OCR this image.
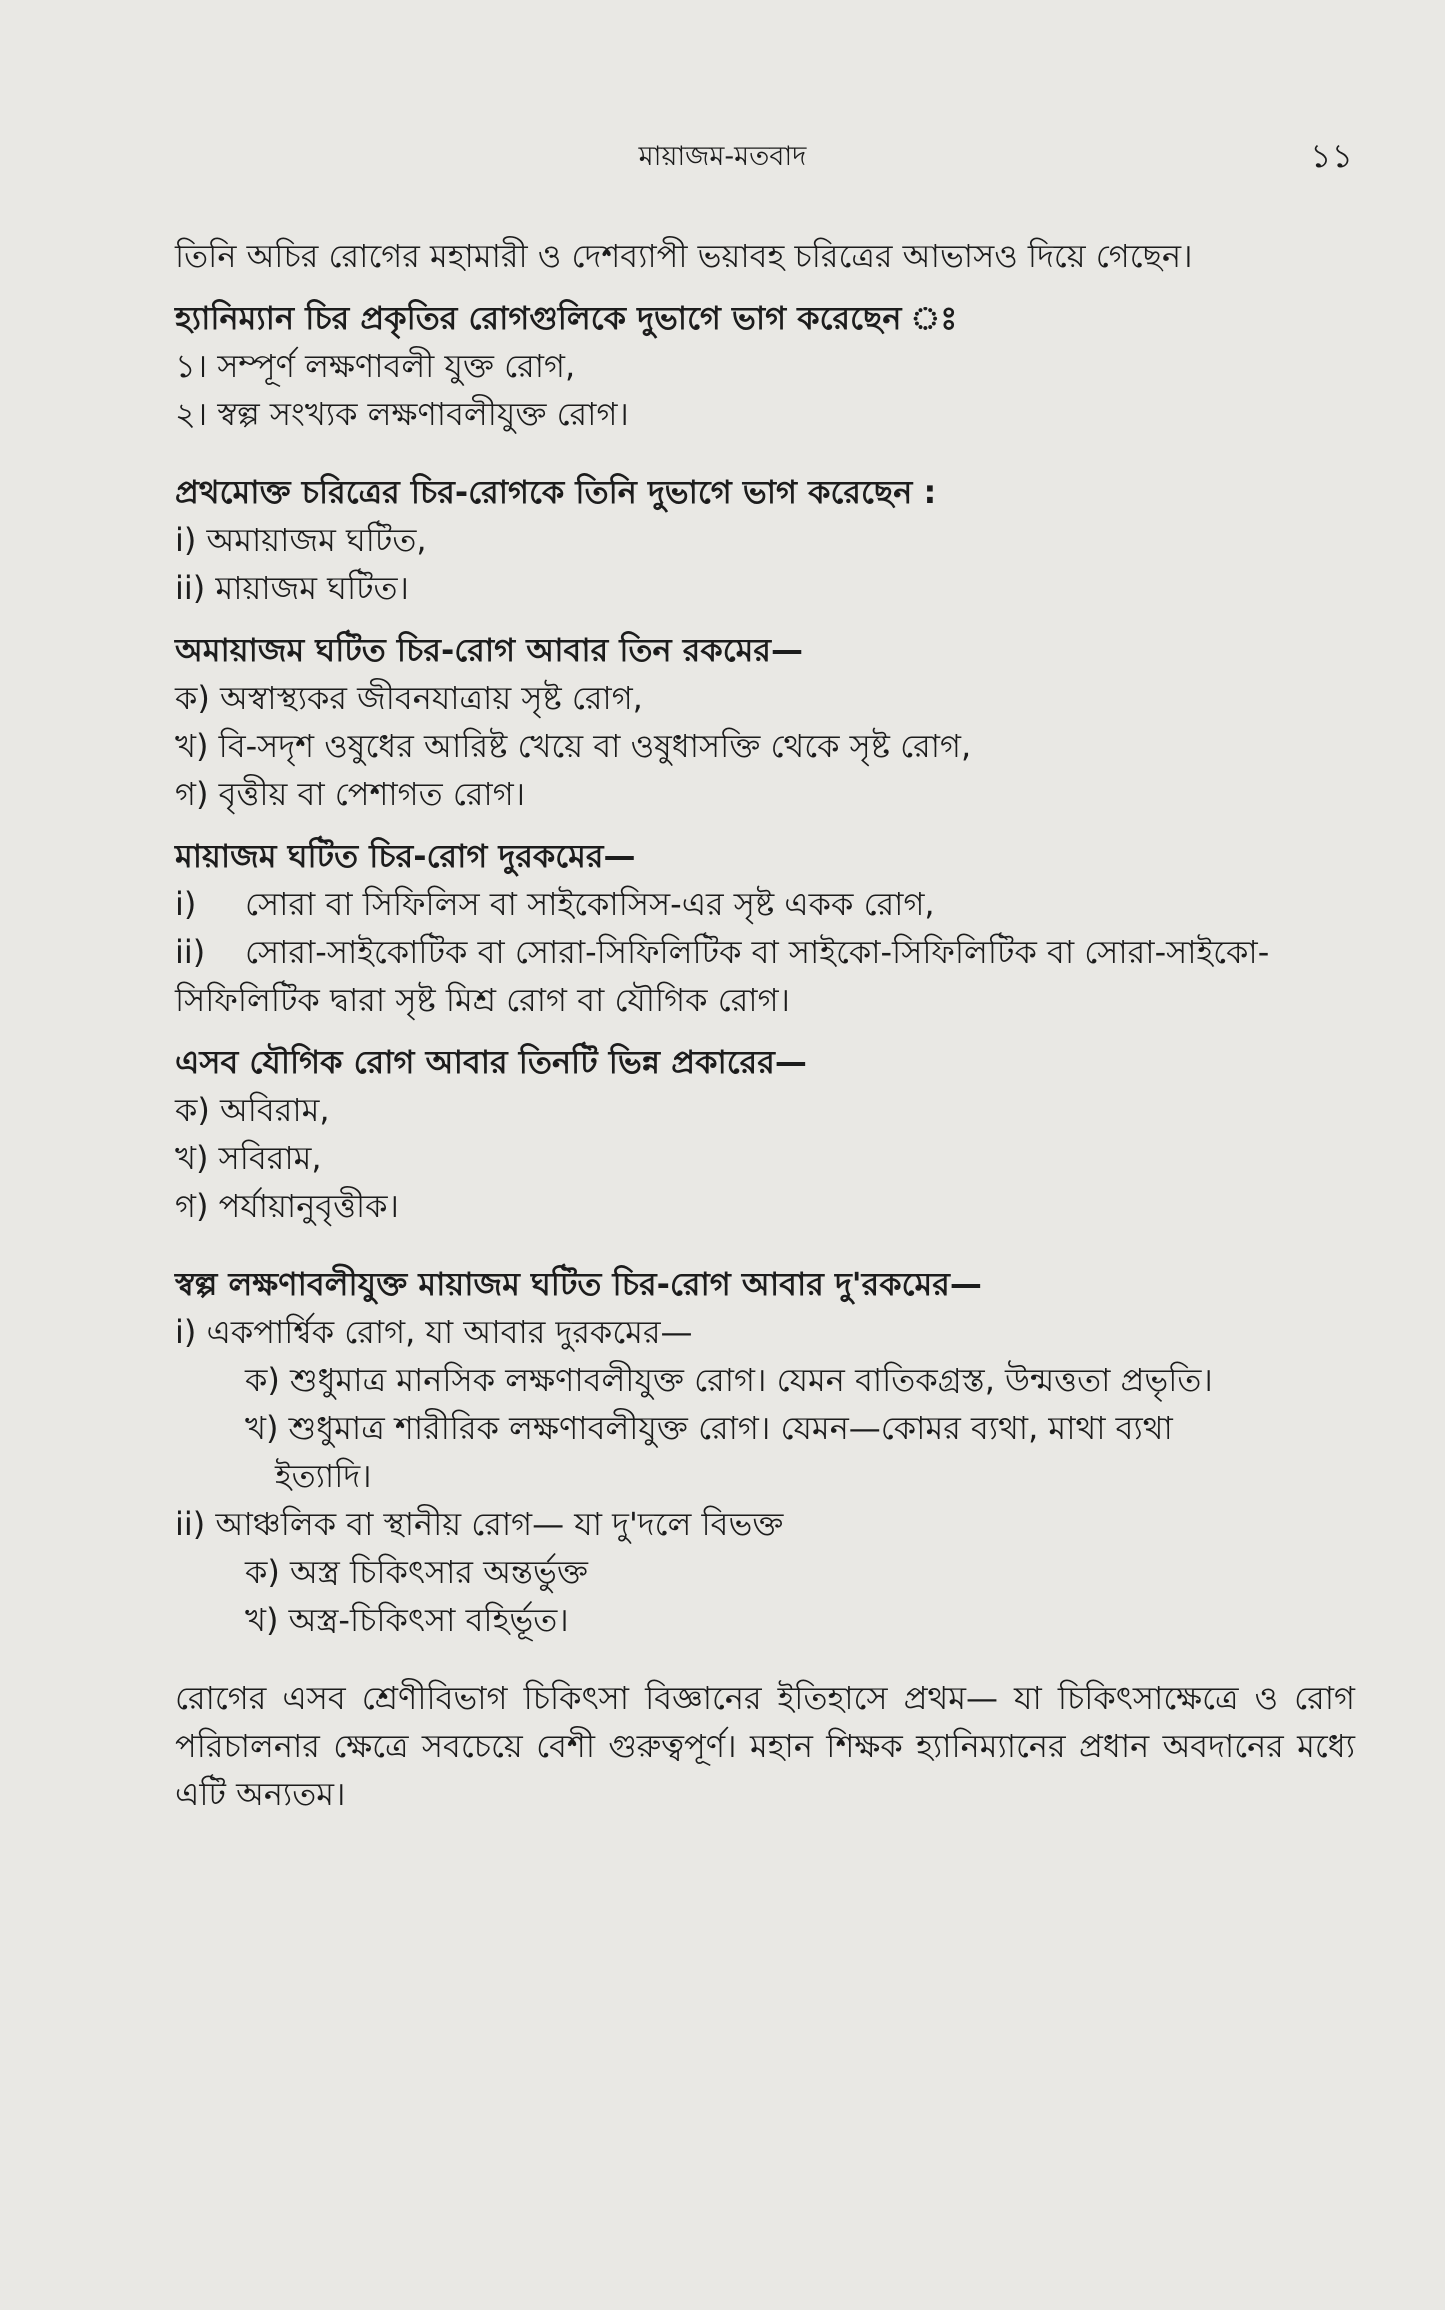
মায়াজম-মতবাদ	১১

তিনি অচির রোগের মহামারী ও দেশব্যাপী ভয়াবহ চরিত্রের আভাসও দিয়ে গেছেন।

হ্যানিম্যান চির প্রকৃতির রোগগুলিকে দুভাগে ভাগ করেছেন ঃ

১। সম্পূর্ণ লক্ষণাবলী যুক্ত রোগ,

২। স্বল্প সংখ্যক লক্ষণাবলীযুক্ত রোগ।

প্রথমোক্ত চরিত্রের চির-রোগকে তিনি দুভাগে ভাগ করেছেন :

i) অমায়াজম ঘটিত,

ii) মায়াজম ঘটিত।

অমায়াজম ঘটিত চির-রোগ আবার তিন রকমের—

ক) অস্বাস্থ্যকর জীবনযাত্রায় সৃষ্ট রোগ,

খ) বি-সদৃশ ওষুধের আরিষ্ট খেয়ে বা ওষুধাসক্তি থেকে সৃষ্ট রোগ,

গ) বৃত্তীয় বা পেশাগত রোগ।

মায়াজম ঘটিত চির-রোগ দুরকমের—

i) সোরা বা সিফিলিস বা সাইকোসিস-এর সৃষ্ট একক রোগ,

ii) সোরা-সাইকোটিক বা সোরা-সিফিলিটিক বা সাইকো-সিফিলিটিক বা সোরা-সাইকো-

সিফিলিটিক দ্বারা সৃষ্ট মিশ্র রোগ বা যৌগিক রোগ।

এসব যৌগিক রোগ আবার তিনটি ভিন্ন প্রকারের—

ক) অবিরাম,

খ) সবিরাম,

গ) পর্যায়ানুবৃত্তীক।

স্বল্প লক্ষণাবলীযুক্ত মায়াজম ঘটিত চির-রোগ আবার দু'রকমের—

i) একপার্শ্বিক রোগ, যা আবার দুরকমের—

ক) শুধুমাত্র মানসিক লক্ষণাবলীযুক্ত রোগ। যেমন বাতিকগ্রস্ত, উন্মত্ততা প্রভৃতি।

খ) শুধুমাত্র শারীরিক লক্ষণাবলীযুক্ত রোগ। যেমন—কোমর ব্যথা, মাথা ব্যথা

ইত্যাদি।

ii) আঞ্চলিক বা স্থানীয় রোগ— যা দু'দলে বিভক্ত

ক) অস্ত্র চিকিৎসার অন্তর্ভুক্ত

খ) অস্ত্র-চিকিৎসা বহির্ভূত।

রোগের এসব শ্রেণীবিভাগ চিকিৎসা বিজ্ঞানের ইতিহাসে প্রথম— যা চিকিৎসাক্ষেত্রে ও রোগ পরিচালনার ক্ষেত্রে সবচেয়ে বেশী গুরুত্বপূর্ণ। মহান শিক্ষক হ্যানিম্যানের প্রধান অবদানের মধ্যে এটি অন্যতম।
